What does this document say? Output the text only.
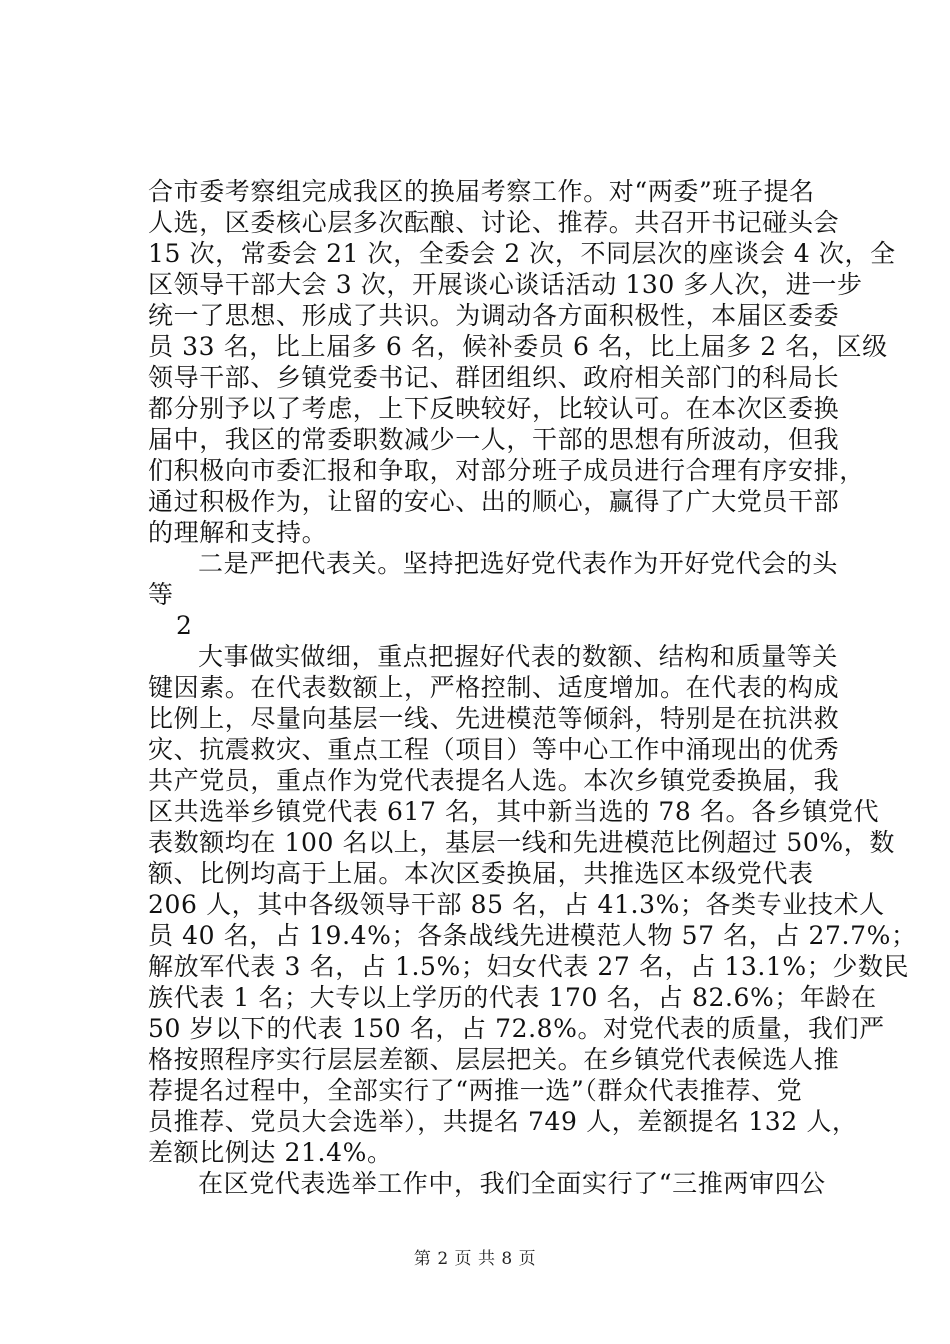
合市委考察组完成我区的换届考察工作。对“两委”班子提名
人选，区委核心层多次酝酿、讨论、推荐。共召开书记碰头会
15 次，常委会 21 次，全委会 2 次，不同层次的座谈会 4 次，全
区领导干部大会 3 次，开展谈心谈话活动 130 多人次，进一步
统一了思想、形成了共识。为调动各方面积极性，本届区委委
员 33 名，比上届多 6 名，候补委员 6 名，比上届多 2 名，区级
领导干部、乡镇党委书记、群团组织、政府相关部门的科局长
都分别予以了考虑，上下反映较好，比较认可。在本次区委换
届中，我区的常委职数减少一人，干部的思想有所波动，但我
们积极向市委汇报和争取，对部分班子成员进行合理有序安排，
通过积极作为，让留的安心、出的顺心，赢得了广大党员干部
的理解和支持。
二是严把代表关。坚持把选好党代表作为开好党代会的头
等
2
大事做实做细，重点把握好代表的数额、结构和质量等关
键因素。在代表数额上，严格控制、适度增加。在代表的构成
比例上，尽量向基层一线、先进模范等倾斜，特别是在抗洪救
灾、抗震救灾、重点工程（项目）等中心工作中涌现出的优秀
共产党员，重点作为党代表提名人选。本次乡镇党委换届，我
区共选举乡镇党代表 617 名，其中新当选的 78 名。各乡镇党代
表数额均在 100 名以上，基层一线和先进模范比例超过 50%，数
额、比例均高于上届。本次区委换届，共推选区本级党代表
206 人，其中各级领导干部 85 名，占 41.3%；各类专业技术人
员 40 名，占 19.4%；各条战线先进模范人物 57 名，占 27.7%；
解放军代表 3 名，占 1.5%；妇女代表 27 名，占 13.1%；少数民
族代表 1 名；大专以上学历的代表 170 名，占 82.6%；年龄在
50 岁以下的代表 150 名，占 72.8%。对党代表的质量，我们严
格按照程序实行层层差额、层层把关。在乡镇党代表候选人推
荐提名过程中，全部实行了“两推一选”（群众代表推荐、党
员推荐、党员大会选举），共提名 749 人，差额提名 132 人，
差额比例达 21.4%。
在区党代表选举工作中，我们全面实行了“三推两审四公
第 2 页 共 8 页
